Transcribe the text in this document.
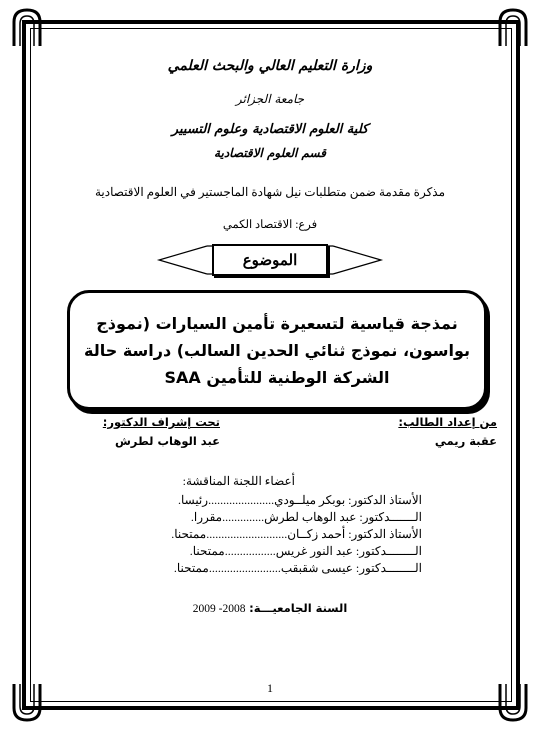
وزارة التعليم العالي والبحث العلمي
جامعة الجزائر
كلية العلوم الاقتصادية وعلوم التسيير
قسم العلوم الاقتصادية
مذكرة مقدمة ضمن متطلبات نيل شهادة الماجستير في العلوم الاقتصادية
فرع: الاقتصاد الكمي
الموضوع
نمذجة قياسية لتسعيرة تأمين السيارات (نموذج بواسون، نموذج ثنائي الحدين السالب) دراسة حالة الشركة الوطنية للتأمين SAA
من إعداد الطالب:
تحت إشراف الدكتور:
عقبة ريمي
عبد الوهاب لطرش
أعضاء اللجنة المناقشة:
الأستاذ الدكتور: بوبكر ميلــودي......................رئيسا.
الـــــــدكتور: عبد الوهاب لطرش..............مقررا.
الأستاذ الدكتور: أحمد زكــان...........................ممتحنا.
الــــــــدكتور: عبد النور غريس.................ممتحنا.
الــــــــدكتور: عيسى شقبقب........................ممتحنا.
السنة الجامعيـــة: 2008- 2009
1
